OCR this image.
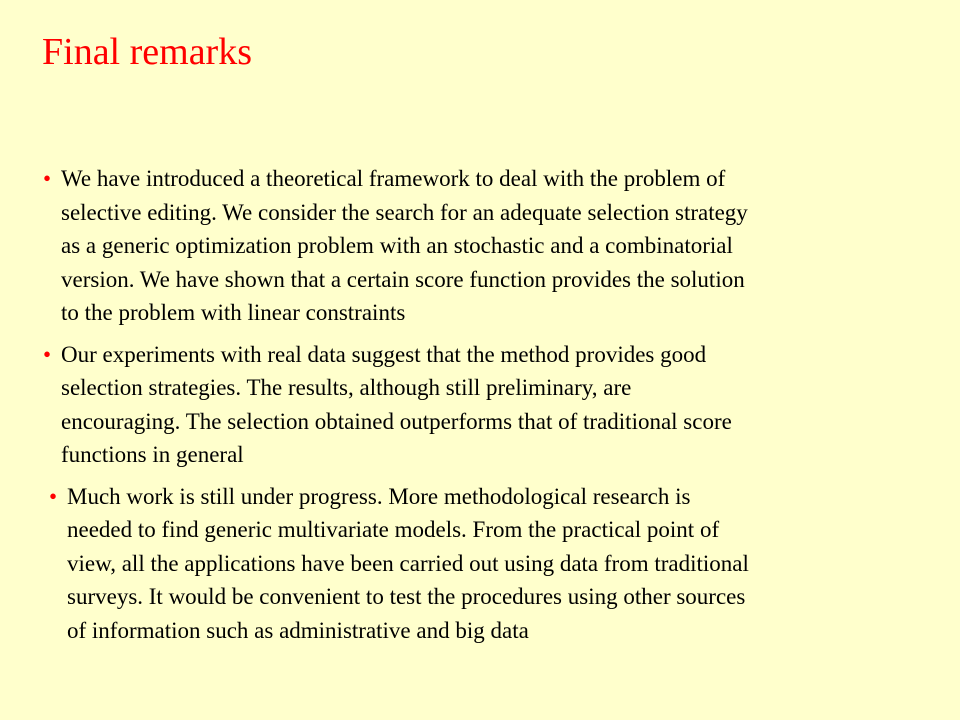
Final remarks
• We have introduced a theoretical framework to deal with the problem of
selective editing. We consider the search for an adequate selection strategy
as a generic optimization problem with an stochastic and a combinatorial
version. We have shown that a certain score function provides the solution
to the problem with linear constraints
• Our experiments with real data suggest that the method provides good
selection strategies. The results, although still preliminary, are
encouraging. The selection obtained outperforms that of traditional score
functions in general
• Much work is still under progress. More methodological research is
needed to find generic multivariate models. From the practical point of
view, all the applications have been carried out using data from traditional
surveys. It would be convenient to test the procedures using other sources
of information such as administrative and big data
